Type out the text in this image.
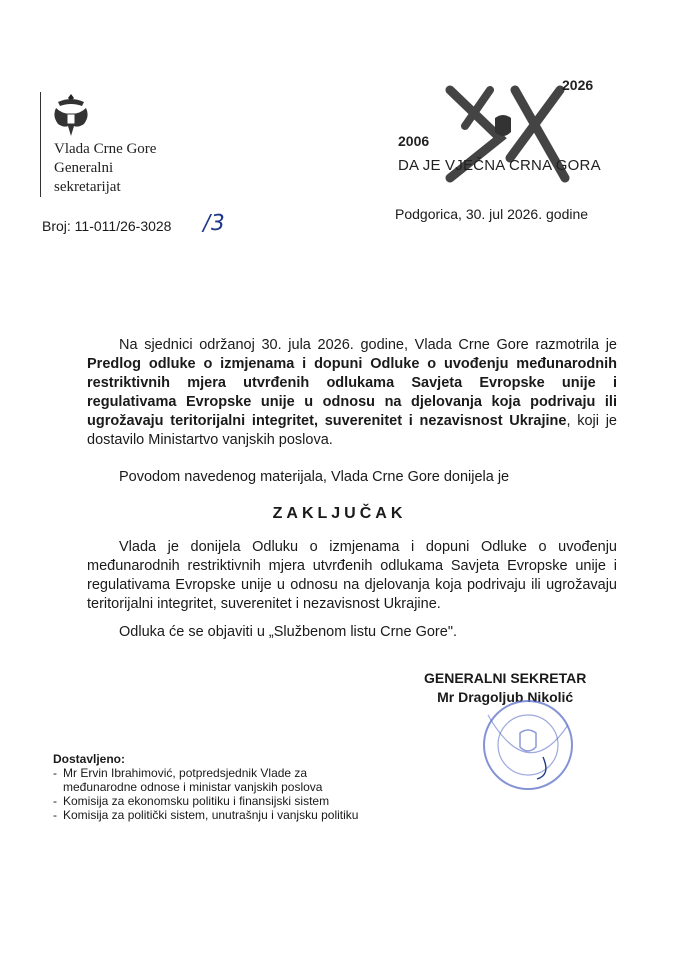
Vlada Crne Gore
Generalni
sekretarijat
2026
2006
DA JE VJEČNA CRNA GORA
Broj: 11-011/26-3028 /3	Podgorica, 30. jul 2026. godine
Na sjednici održanoj 30. jula 2026. godine, Vlada Crne Gore razmotrila je Predlog odluke o izmjenama i dopuni Odluke o uvođenju međunarodnih restriktivnih mjera utvrđenih odlukama Savjeta Evropske unije i regulativama Evropske unije u odnosu na djelovanja koja podrivaju ili ugrožavaju teritorijalni integritet, suverenitet i nezavisnost Ukrajine, koji je dostavilo Ministartvo vanjskih poslova.
Povodom navedenog materijala, Vlada Crne Gore donijela je
ZAKLJUČAK
Vlada je donijela Odluku o izmjenama i dopuni Odluke o uvođenju međunarodnih restriktivnih mjera utvrđenih odlukama Savjeta Evropske unije i regulativama Evropske unije u odnosu na djelovanja koja podrivaju ili ugrožavaju teritorijalni integritet, suverenitet i nezavisnost Ukrajine.
Odluka će se objaviti u „Službenom listu Crne Gore".
GENERALNI SEKRETAR
Mr Dragoljub Nikolić
Dostavljeno:
- Mr Ervin Ibrahimović, potpredsjednik Vlade za međunarodne odnose i ministar vanjskih poslova
- Komisija za ekonomsku politiku i finansijski sistem
- Komisija za politički sistem, unutrašnju i vanjsku politiku
